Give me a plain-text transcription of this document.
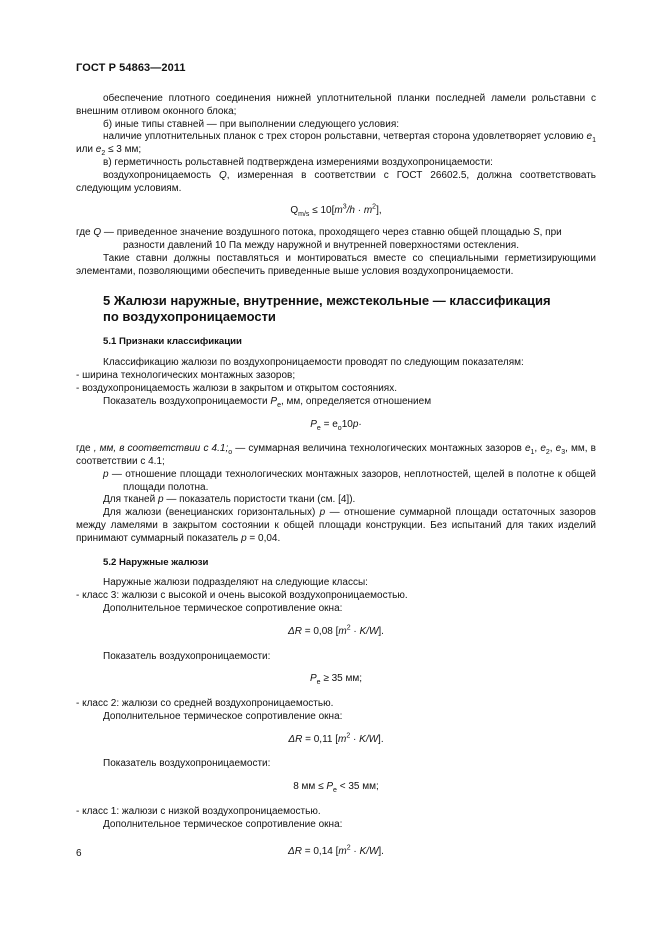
ГОСТ Р 54863—2011

обеспечение плотного соединения нижней уплотнительной планки последней ламели рольставни с внешним отливом оконного блока;

б) иные типы ставней — при выполнении следующего условия:

наличие уплотнительных планок с трех сторон рольставни, четвертая сторона удовлетворяет условию $e_1$ или $e_2 \le 3$ мм;

в) герметичность рольставней подтверждена измерениями воздухопроницаемости:

воздухопроницаемость Q, измеренная в соответствии с ГОСТ 26602.5, должна соответствовать следующим условиям.

$Q_{m/s} \le 10[m^3/h \cdot m^2]$,

где Q — приведенное значение воздушного потока, проходящего через ставню общей площадью S, при

разности давлений 10 Па между наружной и внутренней поверхностями остекления.

Такие ставни должны поставляться и монтироваться вместе со специальными герметизирующими элементами, позволяющими обеспечить приведенные выше условия воздухопроницаемости.

5 Жалюзи наружные, внутренние, межстекольные — классификация
по воздухопроницаемости
5.1 Признаки классификации

Классификацию жалюзи по воздухопроницаемости проводят по следующим показателям:

- ширина технологических монтажных зазоров;

- воздухопроницаемость жалюзи в закрытом и открытом состояниях.

Показатель воздухопроницаемости $P_e$, мм, определяется отношением

$P_e = e_o10p\cdot$

где , мм, в соответствии с $4.1;_o$ — суммарная величина технологических монтажных зазоров $e_1$, $e_2$, $e_3$, мм, в соответствии с 4.1;

p — отношение площади технологических монтажных зазоров, неплотностей, щелей в полотне к общей площади полотна.

Для тканей p — показатель пористости ткани (см. [4]).

Для жалюзи (венецианских горизонтальных) p — отношение суммарной площади остаточных зазоров между ламелями в закрытом состоянии к общей площади конструкции. Без испытаний для таких изделий принимают суммарный показатель p = 0,04.

5.2 Наружные жалюзи

Наружные жалюзи подразделяют на следующие классы:

- класс 3: жалюзи с высокой и очень высокой воздухопроницаемостью.

Дополнительное термическое сопротивление окна:

ΔR = 0,08 $[m^2 \cdot K/W]$.

Показатель воздухопроницаемости:

$P_e \ge 35$ мм;

- класс 2: жалюзи со средней воздухопроницаемостью.

Дополнительное термическое сопротивление окна:

ΔR = 0,11 $[m^2 \cdot K/W]$.

Показатель воздухопроницаемости:

8 мм ≤ $P_e < 35$ мм;

- класс 1: жалюзи с низкой воздухопроницаемостью.

Дополнительное термическое сопротивление окна:

ΔR = 0,14 $[m^2 \cdot K/W]$.
6
